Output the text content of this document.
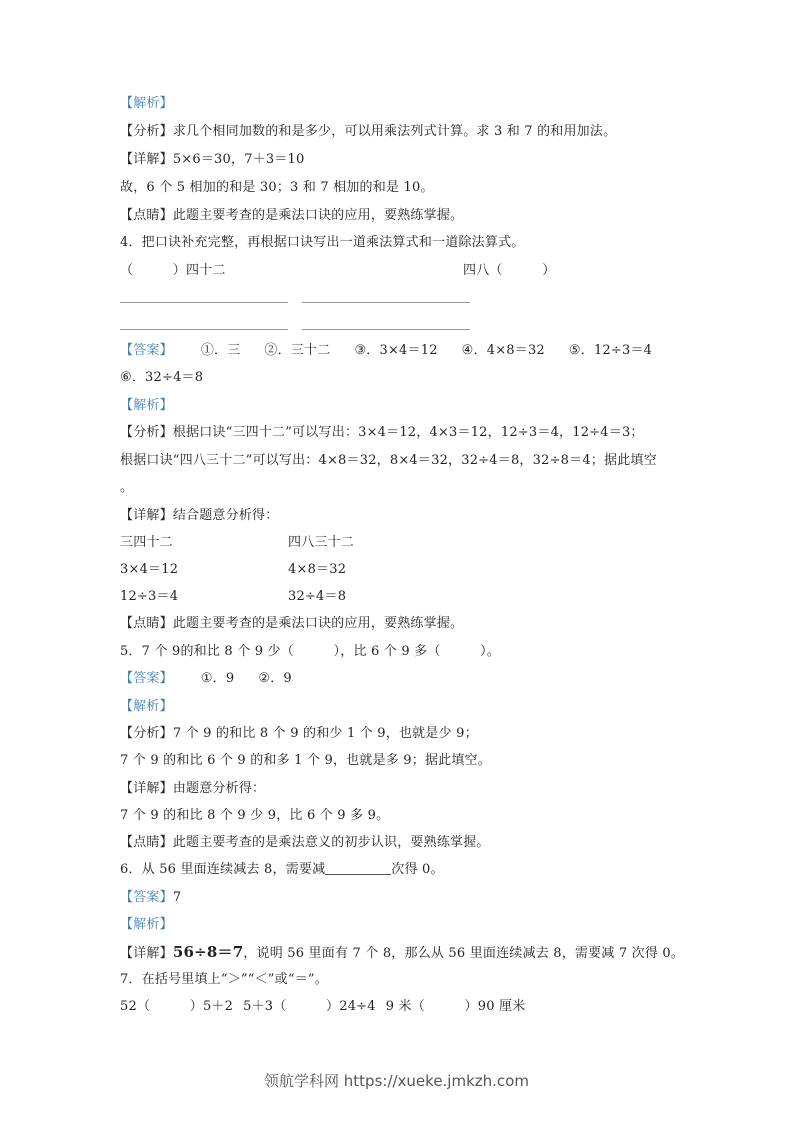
【解析】
【分析】求几个相同加数的和是多少，可以用乘法列式计算。求 3 和 7 的和用加法。
【详解】5×6＝30，7＋3＝10
故，6 个 5 相加的和是 30；3 和 7 相加的和是 10。
【点睛】此题主要考查的是乘法口诀的应用，要熟练掌握。
4．把口诀补充完整，再根据口诀写出一道乘法算式和一道除法算式。
（　　　）四十二	四八（　　　）
【答案】 ①．三 ②．三十二 ③．3×4＝12 ④．4×8＝32 ⑤．12÷3＝4
⑥．32÷4＝8
【解析】
【分析】根据口诀“三四十二”可以写出：3×4＝12，4×3＝12，12÷3＝4，12÷4＝3；
根据口诀“四八三十二”可以写出：4×8＝32，8×4＝32，32÷4＝8，32÷8＝4；据此填空
。
【详解】结合题意分析得：
三四十二	四八三十二
3×4＝12	4×8＝32
12÷3＝4	32÷4＝8
【点睛】此题主要考查的是乘法口诀的应用，要熟练掌握。
5．7 个 9的和比 8 个 9 少（　　　），比 6 个 9 多（　　　）。
【答案】 ①．9 ②．9
【解析】
【分析】7 个 9 的和比 8 个 9 的和少 1 个 9，也就是少 9；
7 个 9 的和比 6 个 9 的和多 1 个 9，也就是多 9；据此填空。
【详解】由题意分析得：
7 个 9 的和比 8 个 9 少 9，比 6 个 9 多 9。
【点睛】此题主要考查的是乘法意义的初步认识，要熟练掌握。
6．从 56 里面连续减去 8，需要减	次得 0。
【答案】7
【解析】
【详解】56÷8＝7，说明 56 里面有 7 个 8，那么从 56 里面连续减去 8，需要减 7 次得 0。
7．在括号里填上“＞”“＜”或“＝”。
52（　　　）5＋2 5＋3（　　　）24÷4 9 米（　　　）90 厘米
领航学科网 https://xueke.jmkzh.com
